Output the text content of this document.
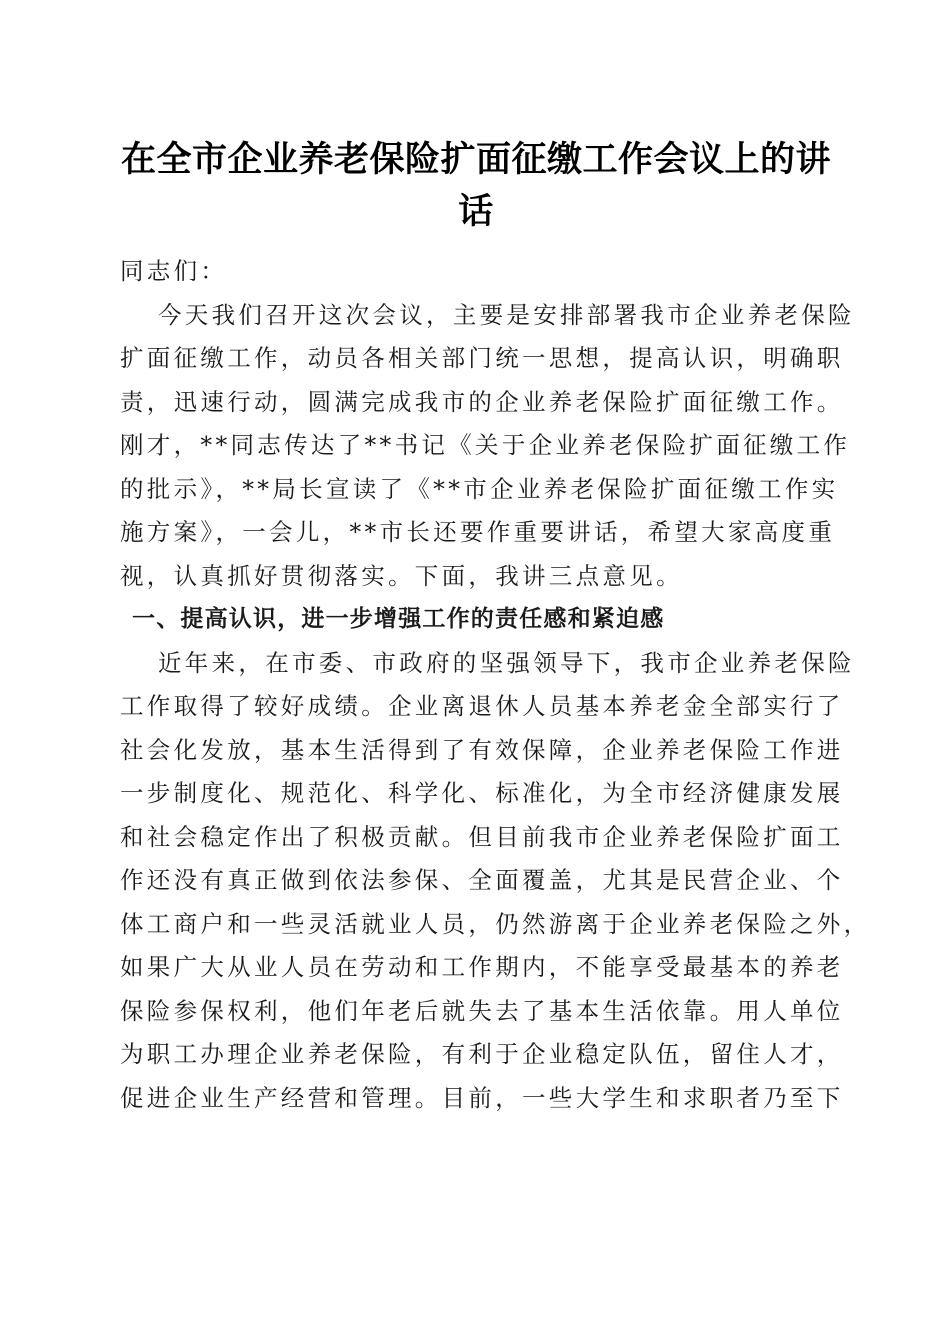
在全市企业养老保险扩面征缴工作会议上的讲
话

同志们：

今天我们召开这次会议，主要是安排部署我市企业养老保险
扩面征缴工作，动员各相关部门统一思想，提高认识，明确职
责，迅速行动，圆满完成我市的企业养老保险扩面征缴工作。
刚才，**同志传达了**书记《关于企业养老保险扩面征缴工作
的批示》，**局长宣读了《**市企业养老保险扩面征缴工作实
施方案》，一会儿，**市长还要作重要讲话，希望大家高度重
视，认真抓好贯彻落实。下面，我讲三点意见。

一、提高认识，进一步增强工作的责任感和紧迫感

近年来，在市委、市政府的坚强领导下，我市企业养老保险
工作取得了较好成绩。企业离退休人员基本养老金全部实行了
社会化发放，基本生活得到了有效保障，企业养老保险工作进
一步制度化、规范化、科学化、标准化，为全市经济健康发展
和社会稳定作出了积极贡献。但目前我市企业养老保险扩面工
作还没有真正做到依法参保、全面覆盖，尤其是民营企业、个
体工商户和一些灵活就业人员，仍然游离于企业养老保险之外，
如果广大从业人员在劳动和工作期内，不能享受最基本的养老
保险参保权利，他们年老后就失去了基本生活依靠。用人单位
为职工办理企业养老保险，有利于企业稳定队伍，留住人才，
促进企业生产经营和管理。目前，一些大学生和求职者乃至下
